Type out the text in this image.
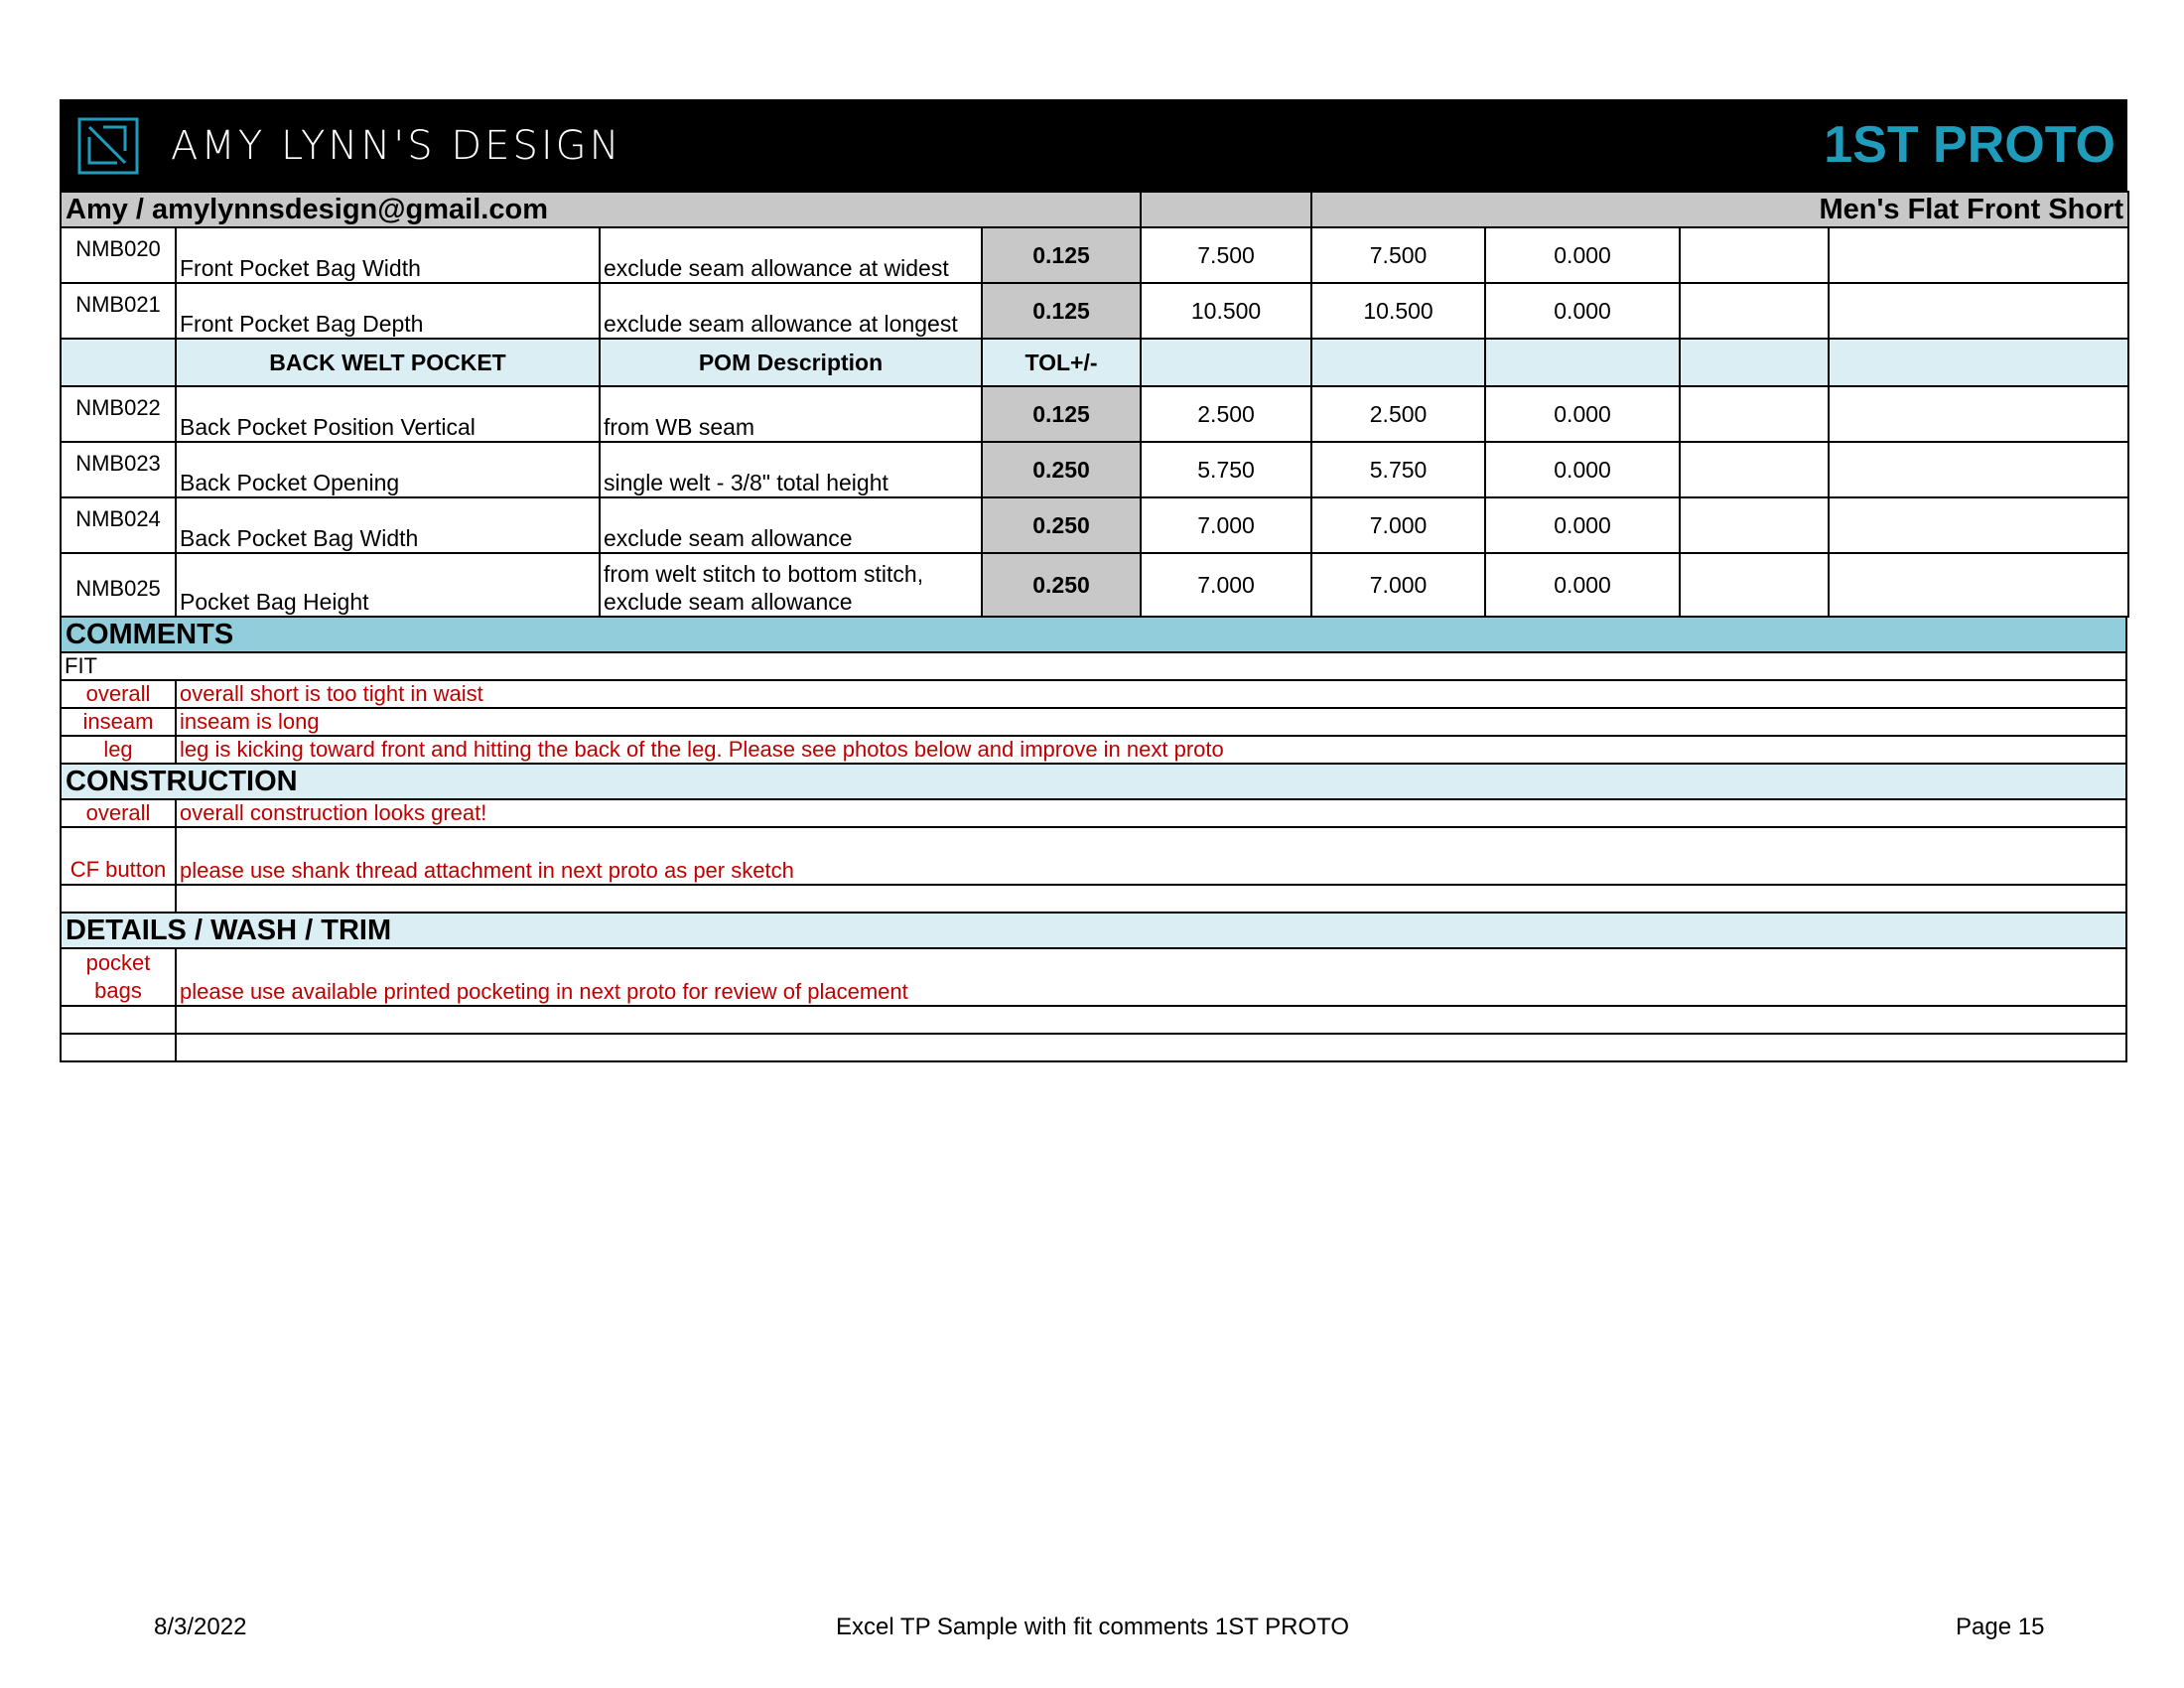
AMY LYNN'S DESIGN	1ST PROTO
Amy / amylynnsdesign@gmail.com					Men's Flat Front Short			
NMB020	Front Pocket Bag Width	exclude seam allowance at widest	0.125	7.500	7.500	0.000		
NMB021	Front Pocket Bag Depth	exclude seam allowance at longest	0.125	10.500	10.500	0.000		
	BACK WELT POCKET	POM Description	TOL+/-					
NMB022	Back Pocket Position Vertical	from WB seam	0.125	2.500	2.500	0.000		
NMB023	Back Pocket Opening	single welt - 3/8" total height	0.250	5.750	5.750	0.000		
NMB024	Back Pocket Bag Width	exclude seam allowance	0.250	7.000	7.000	0.000		
NMB025	Pocket Bag Height	from welt stitch to bottom stitch, exclude seam allowance	0.250	7.000	7.000	0.000		
COMMENTS	
FIT	
overall	overall short is too tight in waist
inseam	inseam is long
leg	leg is kicking toward front and hitting the back of the leg. Please see photos below and improve in next proto
CONSTRUCTION	
overall	overall construction looks great!
CF button	please use shank thread attachment in next proto as per sketch

DETAILS / WASH / TRIM	
pocket bags	please use available printed pocketing in next proto for review of placement

8/3/2022	Excel TP Sample with fit comments 1ST PROTO	Page 15
